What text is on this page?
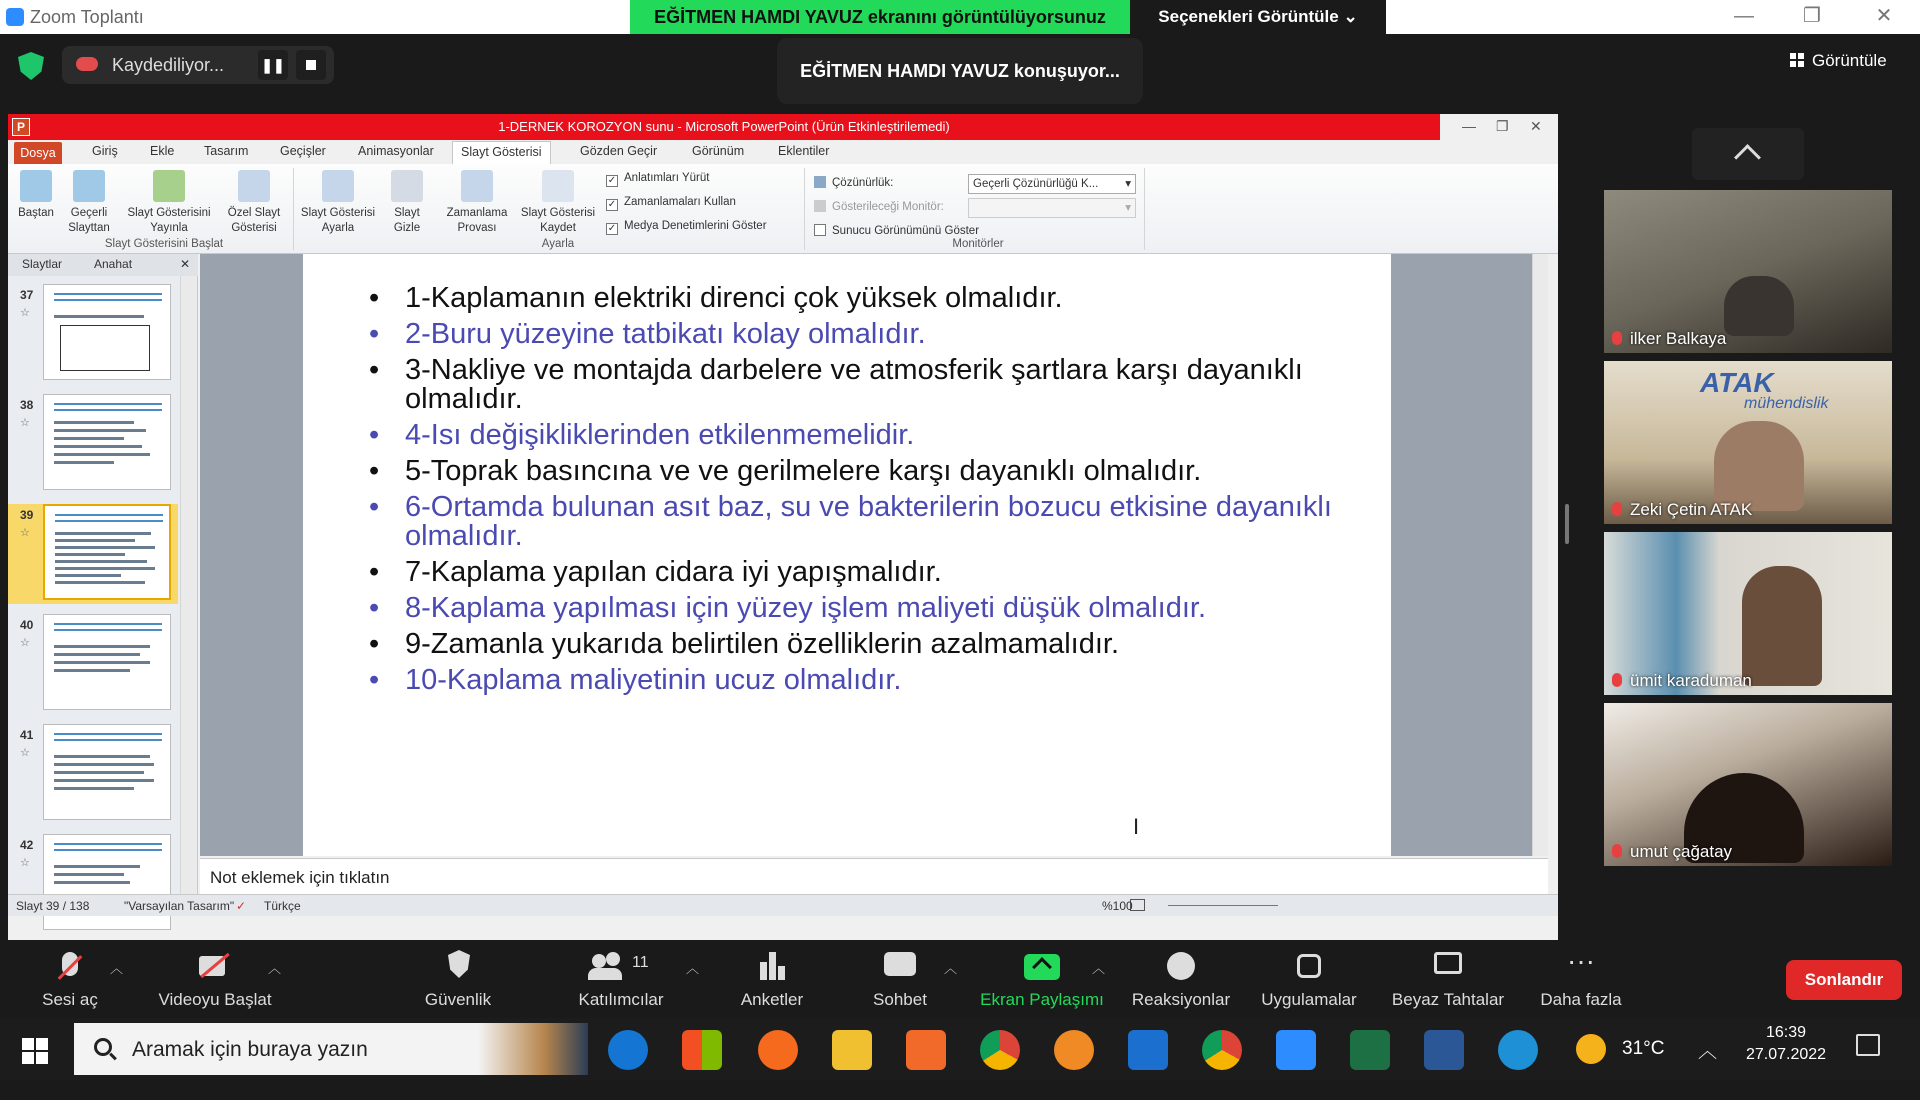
Zoom Toplantı	EĞİTMEN HAMDI YAVUZ ekranını görüntülüyorsunuz	Seçenekleri Görüntüle ⌄	—	❐	✕
Kaydediliyor...	❚❚	EĞİTMEN HAMDI YAVUZ konuşuyor...
Görüntüle
P	1-DERNEK KOROZYON sunu - Microsoft PowerPoint (Ürün Etkinleştirilemedi)	— ❐ ✕
Dosya	Giriş	Ekle Tasarım	Geçişler	Animasyonlar	Slayt Gösterisi	Gözden Geçir	Görünüm	Eklentiler
Baştan	Geçerli Slayttan
Slayt Gösterisini Yayınla
Özel Slayt Gösterisi
Slayt Gösterisini Başlat
Slayt Gösterisi Ayarla
Slayt Gizle
Zamanlama Provası
Slayt Gösterisi Kaydet
✓ Anlatımları Yürüt
✓ Zamanlamaları Kullan
✓ Medya Denetimlerini Göster
Ayarla
Çözünürlük:	Geçerli Çözünürlüğü K... ▾
Gösterileceği Monitör:	▾
Sunucu Görünümünü Göster
Monitörler
Slaytlar	Anahat	✕
37
☆
38
☆
39
☆
40
☆
41
☆
42
☆
• 1-Kaplamanın elektriki direnci çok yüksek olmalıdır.
• 2-Buru yüzeyine tatbikatı kolay olmalıdır.
• 3-Nakliye ve montajda darbelere ve atmosferik şartlara karşı dayanıklı olmalıdır.
• 4-Isı değişikliklerinden etkilenmemelidir.
• 5-Toprak basıncına ve ve gerilmelere karşı dayanıklı olmalıdır.
• 6-Ortamda bulunan asıt baz, su ve bakterilerin bozucu etkisine dayanıklı olmalıdır.
• 7-Kaplama yapılan cidara iyi yapışmalıdır.
• 8-Kaplama yapılması için yüzey işlem maliyeti düşük olmalıdır.
• 9-Zamanla yukarıda belirtilen özelliklerin azalmamalıdır.
• 10-Kaplama maliyetinin ucuz olmalıdır.
I
Not eklemek için tıklatın
Slayt 39 / 138	"Varsayılan Tasarım" ✓ Türkçe	%100
ilker Balkaya
ATAK
mühendislik
Zeki Çetin ATAK
ümit karaduman
umut çağatay
Sesi aç
︿
Videoyu Başlat
︿
Güvenlik
11
Katılımcılar
︿
Anketler	Sohbet
︿
Ekran Paylaşımı
︿
Reaksiyonlar	Uygulamalar	Beyaz Tahtalar
···
Daha fazla
Sonlandır
Aramak için buraya yazın	31°C ︿
16:39
27.07.2022
